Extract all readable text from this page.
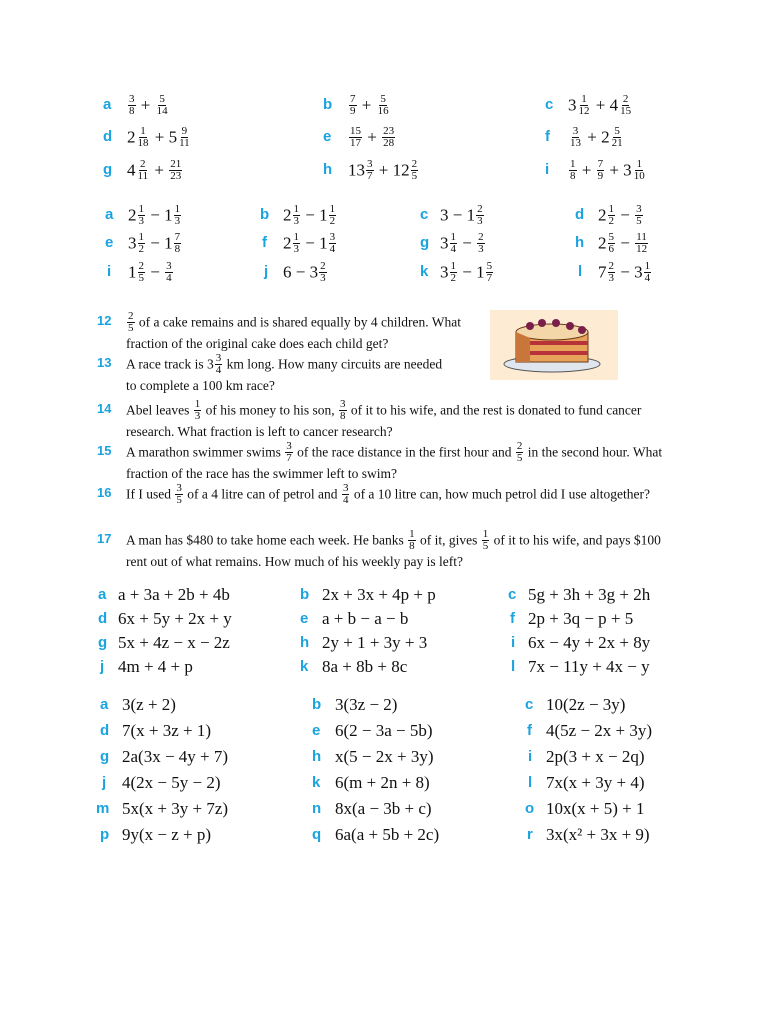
a $\frac{3}{8} + \frac{5}{14}$	b $\frac{7}{9} + \frac{5}{16}$	c $3 \frac{1}{12} + 4 \frac{2}{15}$
d $2 \frac{1}{18} + 5 \frac{9}{11}$	e $\frac{15}{17} + \frac{23}{28}$	f $\frac{3}{13} + 2 \frac{5}{21}$
g $4 \frac{2}{11} + \frac{21}{23}$	h $13 \frac{3}{7} + 12 \frac{2}{5}$	i $\frac{1}{8} + \frac{7}{9} + 3 \frac{1}{10}$
a $2 \frac{1}{3} - 1 \frac{1}{3}$	b $2 \frac{1}{3} - 1 \frac{1}{2}$	c $3 - 1 \frac{2}{3}$	d $2 \frac{1}{2} - \frac{3}{5}$
e $3 \frac{1}{2} - 1 \frac{7}{8}$	f $2 \frac{1}{3} - 1 \frac{3}{4}$	g $3 \frac{1}{4} - \frac{2}{3}$	h $2 \frac{5}{6} - \frac{11}{12}$
i $1 \frac{2}{5} - \frac{3}{4}$	j $6 - 3 \frac{2}{3}$	k $3 \frac{1}{2} - 1 \frac{5}{7}$	l $7 \frac{2}{3} - 3 \frac{1}{4}$
$12 \frac{2}{5}$ of a cake remains and is shared equally by 4 children. What fraction of the original cake does each child get?
13 A race track is $3 \frac{3}{4}$ km long. How many circuits are needed to complete a 100 km race?
14 Abel leaves $\frac{1}{3}$ of his money to his son, $\frac{3}{8}$ of it to his wife, and the rest is donated to fund cancer research. What fraction is left to cancer research?
15 A marathon swimmer swims $\frac{3}{7}$ of the race distance in the first hour and $\frac{2}{5}$ in the second hour. What fraction of the race has the swimmer left to swim?
16 If I used $\frac{3}{5}$ of a 4 litre can of petrol and $\frac{3}{4}$ of a 10 litre can, how much petrol did I use altogether?
17 A man has $480 to take home each week. He banks $\frac{1}{8}$ of it, gives $\frac{1}{5}$ of it to his wife, and pays $100 rent out of what remains. How much of his weekly pay is left?
a a + 3a + 2b + 4b	b 2x + 3x + 4p + p	c 5g + 3h + 3g + 2h
d 6x + 5y + 2x + y	e a + b − a − b	f 2p + 3q − p + 5
g 5x + 4z − x − 2z	h 2y + 1 + 3y + 3	i 6x − 4y + 2x + 8y
j 4m + 4 + p	k 8a + 8b + 8c	l 7x − 11y + 4x − y
a 3(z + 2)	b 3(3z − 2)	c 10(2z − 3y)
d 7(x + 3z + 1)	e 6(2 − 3a − 5b)	f 4(5z − 2x + 3y)
g 2a(3x − 4y + 7)	h x(5 − 2x + 3y)	i 2p(3 + x − 2q)
j 4(2x − 5y − 2)	k 6(m + 2n + 8)	l 7x(x + 3y + 4)
m 5x(x + 3y + 7z)	n 8x(a − 3b + c)	o 10x(x + 5) + 1
p 9y(x − z + p)	q 6a(a + 5b + 2c)	r 3x(x² + 3x + 9)
